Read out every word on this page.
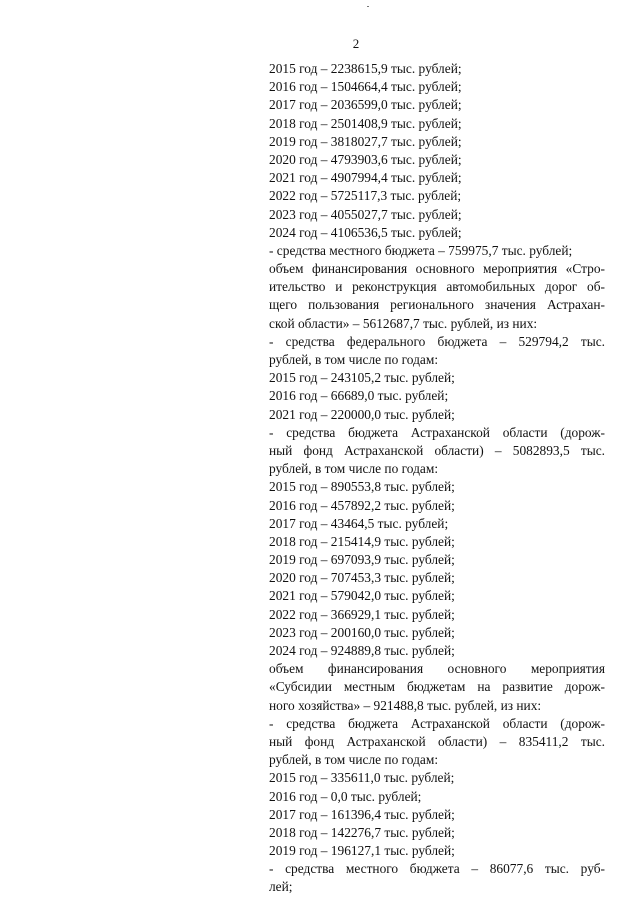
2
2015 год – 2238615,9 тыс. рублей;
2016 год – 1504664,4 тыс. рублей;
2017 год – 2036599,0 тыс. рублей;
2018 год – 2501408,9 тыс. рублей;
2019 год – 3818027,7 тыс. рублей;
2020 год – 4793903,6 тыс. рублей;
2021 год – 4907994,4 тыс. рублей;
2022 год – 5725117,3 тыс. рублей;
2023 год – 4055027,7 тыс. рублей;
2024 год – 4106536,5 тыс. рублей;
- средства местного бюджета – 759975,7 тыс. рублей;
объем финансирования основного мероприятия «Стро-
ительство и реконструкция автомобильных дорог об-
щего пользования регионального значения Астрахан-
ской области» – 5612687,7 тыс. рублей, из них:
- средства федерального бюджета – 529794,2 тыс.
рублей, в том числе по годам:
2015 год – 243105,2 тыс. рублей;
2016 год – 66689,0 тыс. рублей;
2021 год – 220000,0 тыс. рублей;
- средства бюджета Астраханской области (дорож-
ный фонд Астраханской области) – 5082893,5 тыс.
рублей, в том числе по годам:
2015 год – 890553,8 тыс. рублей;
2016 год – 457892,2 тыс. рублей;
2017 год – 43464,5 тыс. рублей;
2018 год – 215414,9 тыс. рублей;
2019 год – 697093,9 тыс. рублей;
2020 год – 707453,3 тыс. рублей;
2021 год – 579042,0 тыс. рублей;
2022 год – 366929,1 тыс. рублей;
2023 год – 200160,0 тыс. рублей;
2024 год – 924889,8 тыс. рублей;
объем финансирования основного мероприятия
«Субсидии местным бюджетам на развитие дорож-
ного хозяйства» – 921488,8 тыс. рублей, из них:
- средства бюджета Астраханской области (дорож-
ный фонд Астраханской области) – 835411,2 тыс.
рублей, в том числе по годам:
2015 год – 335611,0 тыс. рублей;
2016 год – 0,0 тыс. рублей;
2017 год – 161396,4 тыс. рублей;
2018 год – 142276,7 тыс. рублей;
2019 год – 196127,1 тыс. рублей;
- средства местного бюджета – 86077,6 тыс. руб-
лей;
